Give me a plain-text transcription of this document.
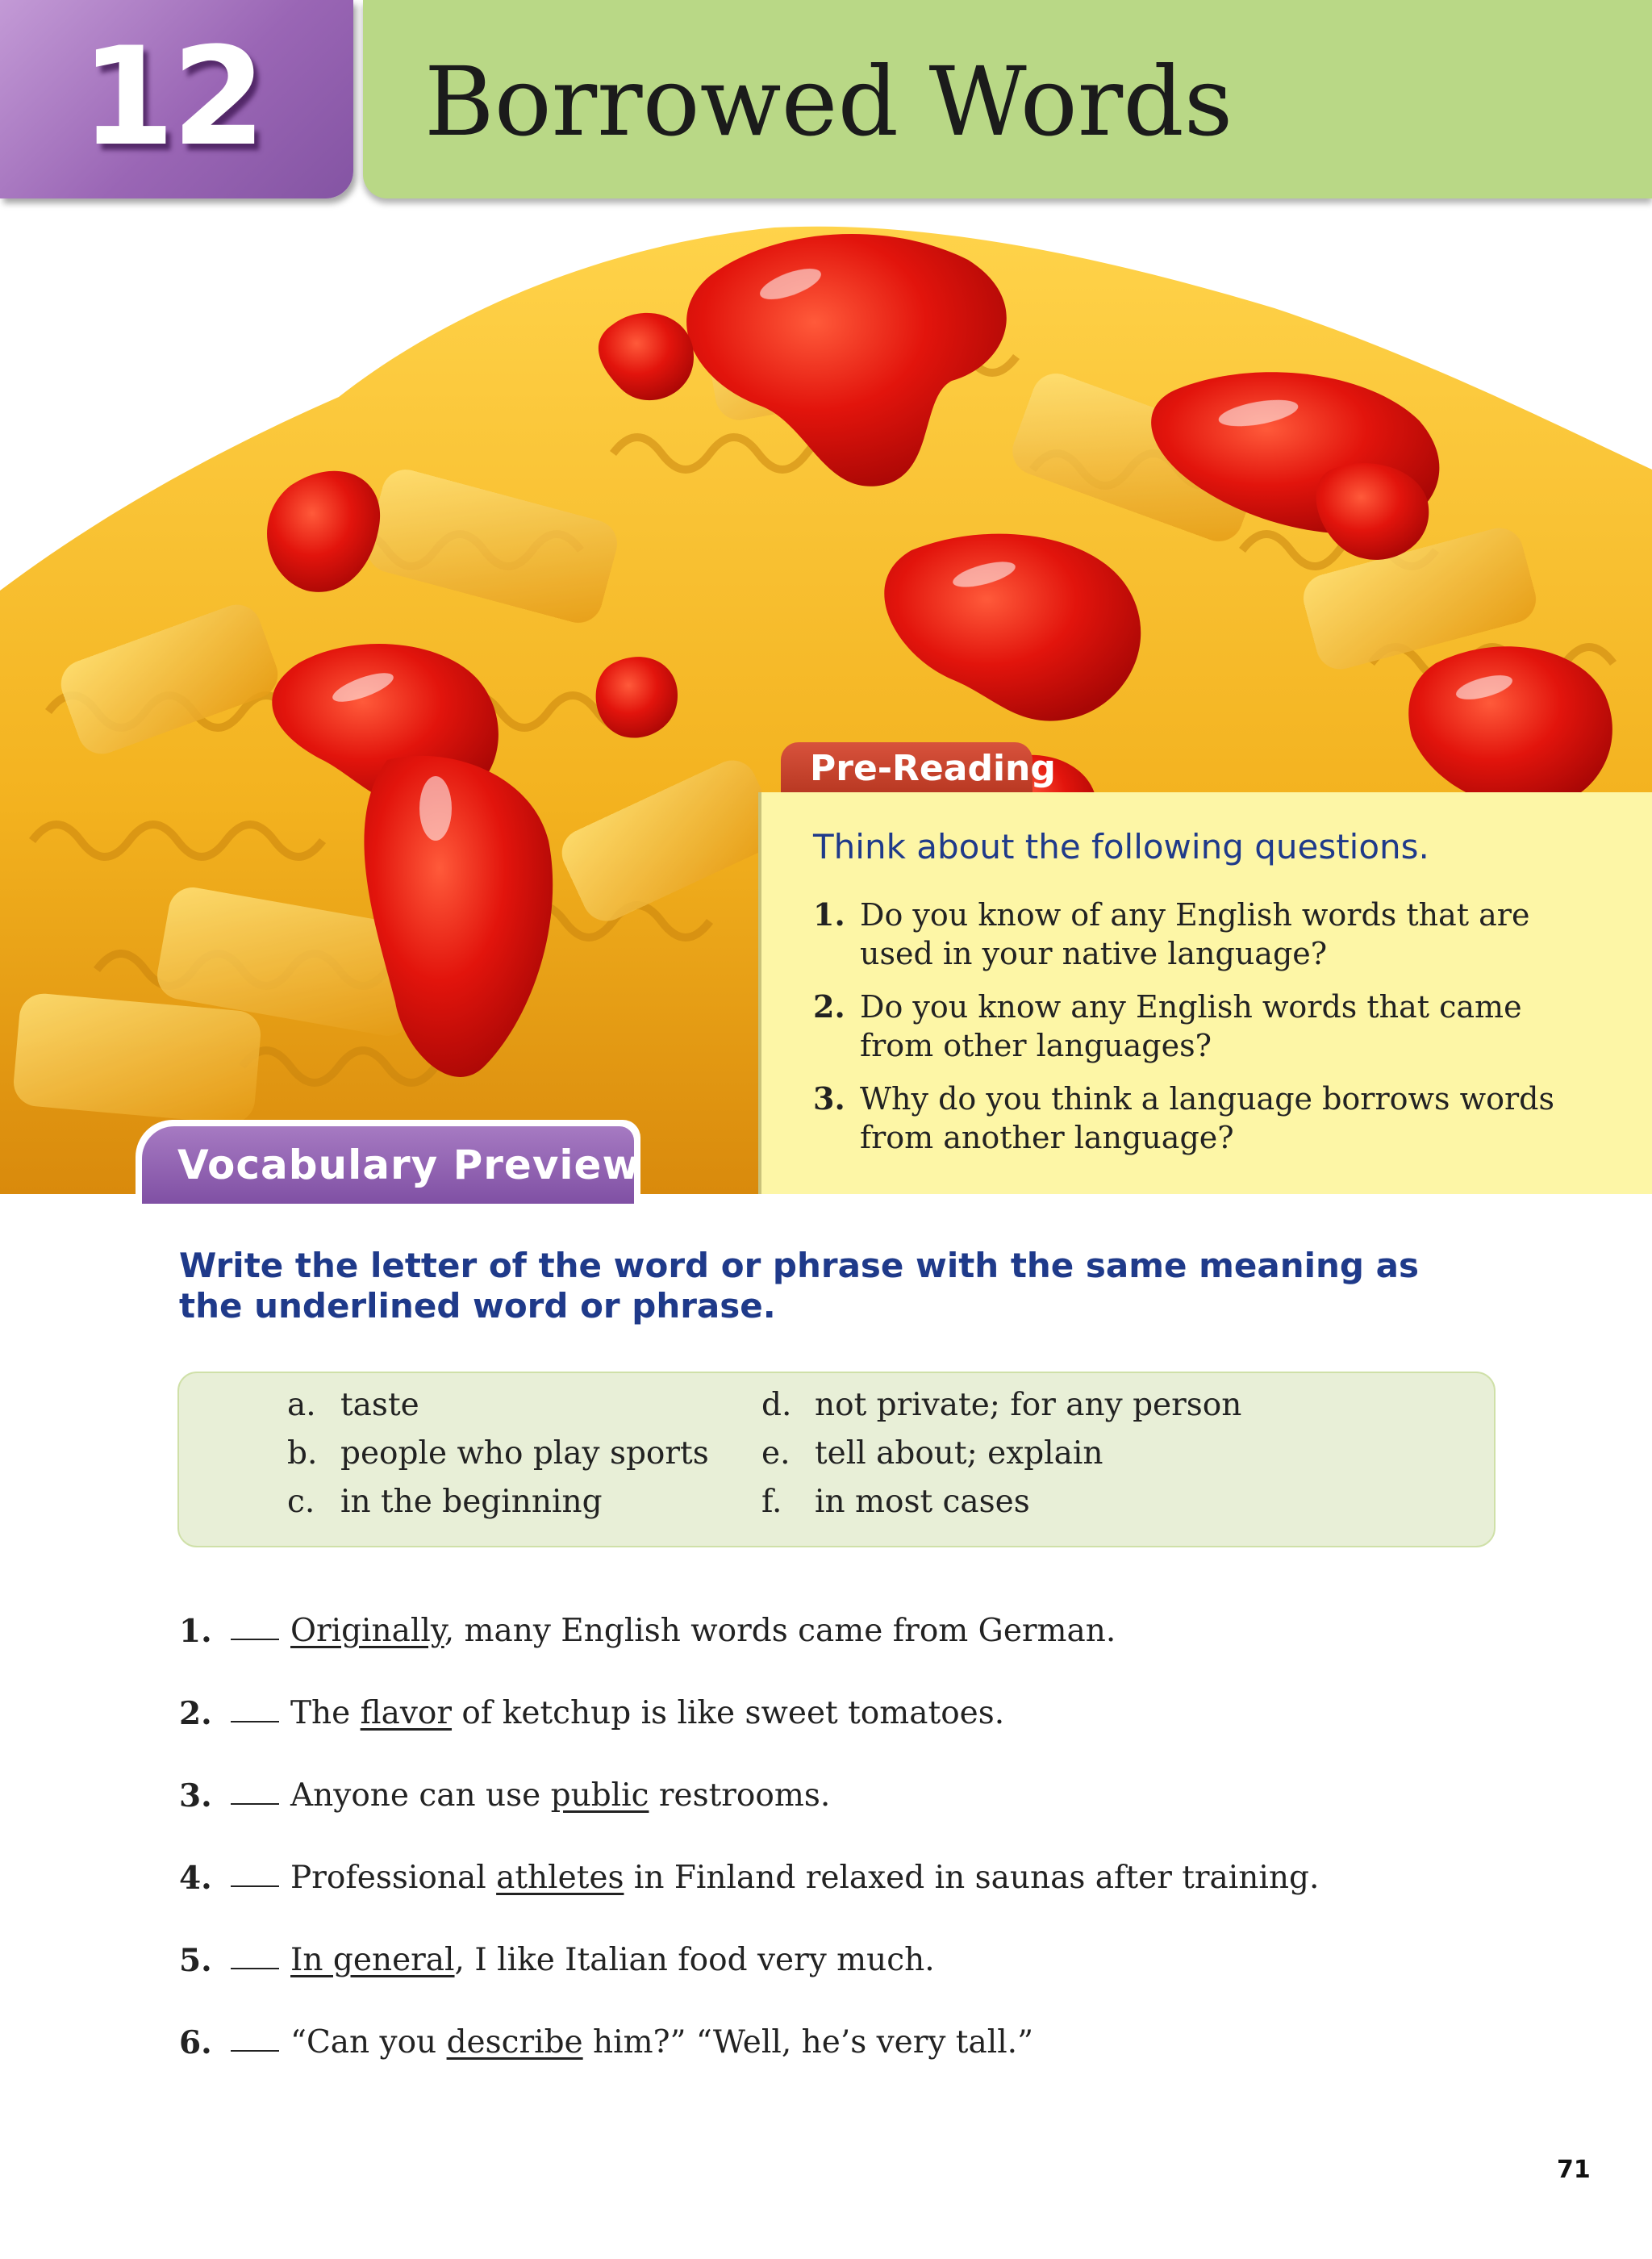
12 Borrowed Words
Pre-Reading
Think about the following questions.
1. Do you know of any English words that are used in your native language?
2. Do you know any English words that came from other languages?
3. Why do you think a language borrows words from another language?
Vocabulary Preview
Write the letter of the word or phrase with the same meaning as the underlined word or phrase.
a. taste
b. people who play sports
c. in the beginning
d. not private; for any person
e. tell about; explain
f. in most cases
1. Originally, many English words came from German.
2. The flavor of ketchup is like sweet tomatoes.
3. Anyone can use public restrooms.
4. Professional athletes in Finland relaxed in saunas after training.
5. In general, I like Italian food very much.
6. “Can you describe him?” “Well, he’s very tall.”
71
